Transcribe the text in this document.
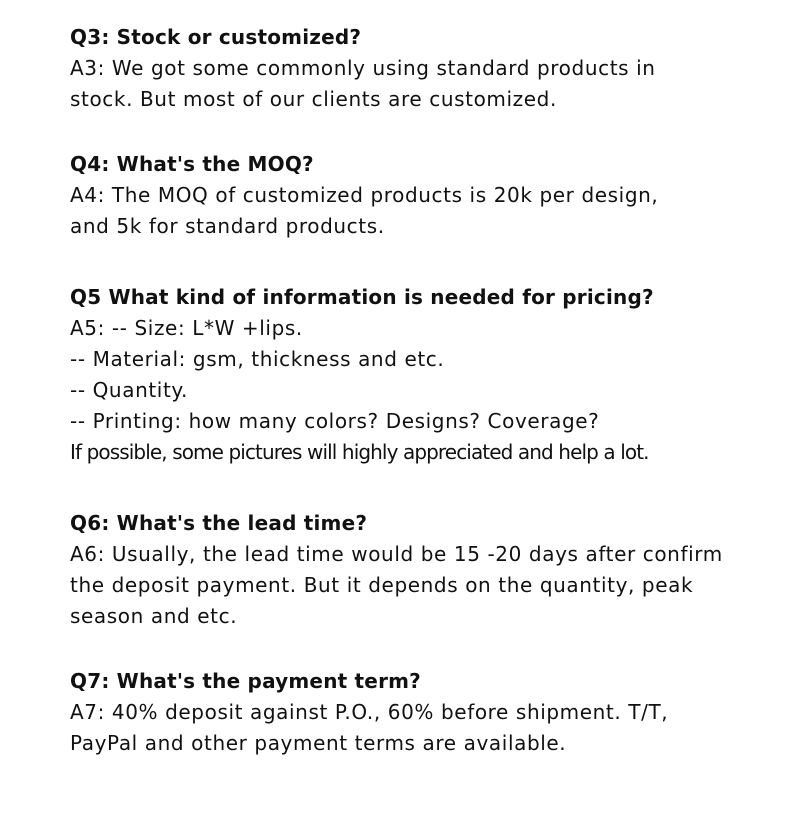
Q3: Stock or customized?
A3: We got some commonly using standard products in
stock. But most of our clients are customized.
Q4: What's the MOQ?
A4: The MOQ of customized products is 20k per design,
and 5k for standard products.
Q5 What kind of information is needed for pricing?
A5: -- Size: L*W +lips.
-- Material: gsm, thickness and etc.
-- Quantity.
-- Printing: how many colors? Designs? Coverage?
If possible, some pictures will highly appreciated and help a lot.
Q6: What's the lead time?
A6: Usually, the lead time would be 15 -20 days after confirm
the deposit payment. But it depends on the quantity, peak
season and etc.
Q7: What's the payment term?
A7: 40% deposit against P.O., 60% before shipment. T/T,
PayPal and other payment terms are available.
